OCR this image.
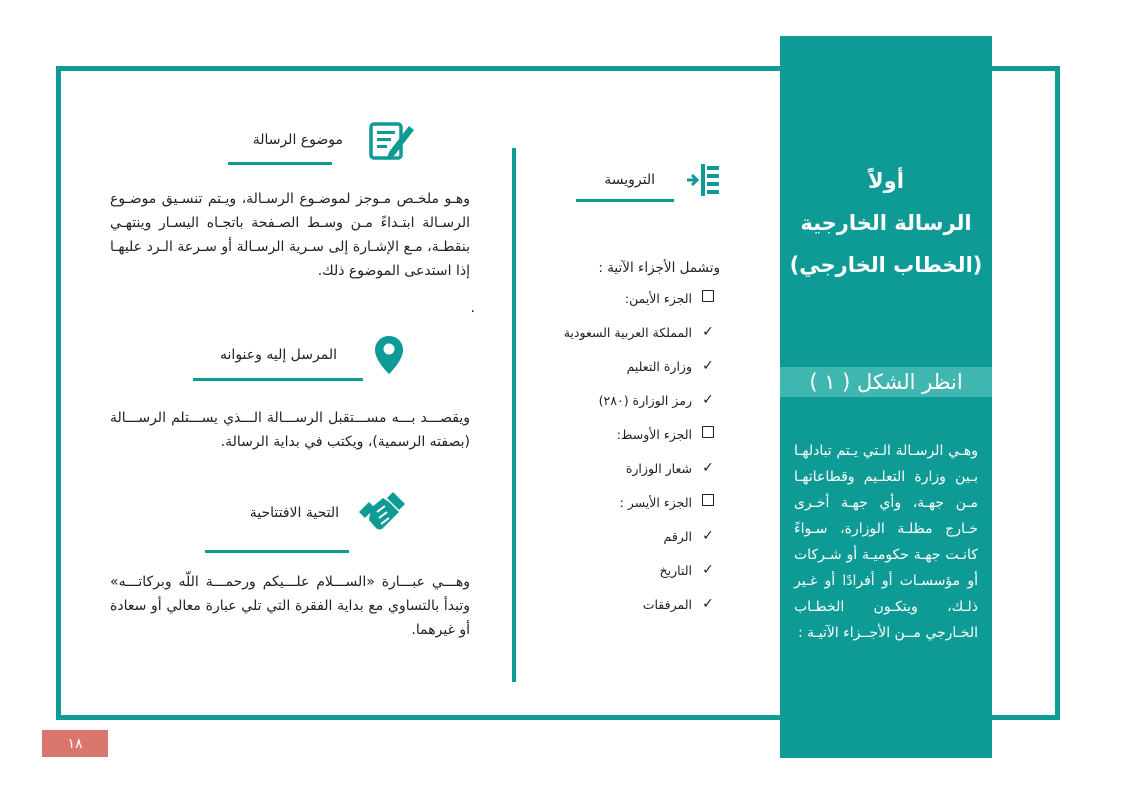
أولاً
الرسالة الخارجية
(الخطاب الخارجي)
انظر الشكل ( ١ )
وهـي الرسـالة الـتي يـتم تبادلهـا بـين وزارة التعلـيم وقطاعاتهـا مـن جهـة، وأي جهـة أخـرى خـارج مظلـة الوزارة، سـواءً كانـت جهـة حكوميـة أو شـركات أو مؤسسـات أو أفرادًا أو غـير ذلـك، ويتكـون الخطـاب الخـارجي مــن الأجــزاء الآتيـة :
الترويسة
وتشمل الأجزاء الآتية :
الجزء الأيمن:
✓
المملكة العربية السعودية
✓
وزارة التعليم
✓
رمز الوزارة (٢٨٠)
الجزء الأوسط:
✓
شعار الوزارة
الجزء الأيسر :
✓
الرقم
✓
التاريخ
✓
المرفقات
موضوع الرسالة
وهـو ملخـص مـوجز لموضـوع الرسـالة، ويـتم تنسـيق موضـوع الرسـالة ابتـداءً مـن وسـط الصـفحة باتجـاه اليسـار وينتهـي بنقطـة، مـع الإشـارة إلى سـرية الرسـالة أو سـرعة الـرد عليهـا إذا استدعى الموضوع ذلك.
.
المرسل إليه وعنوانه
ويقصـــد بـــه مســـتقبل الرســـالة الـــذي يســـتلم الرســـالة (بصفته الرسمية)، ويكتب في بداية الرسالة.
التحية الافتتاحية
وهـــي عبـــارة «الســـلام علـــيكم ورحمـــة اللّه وبركاتـــه» وتبدأ بالتساوي مع بداية الفقرة التي تلي عبارة معالي أو سعادة أو غيرهما.
١٨
